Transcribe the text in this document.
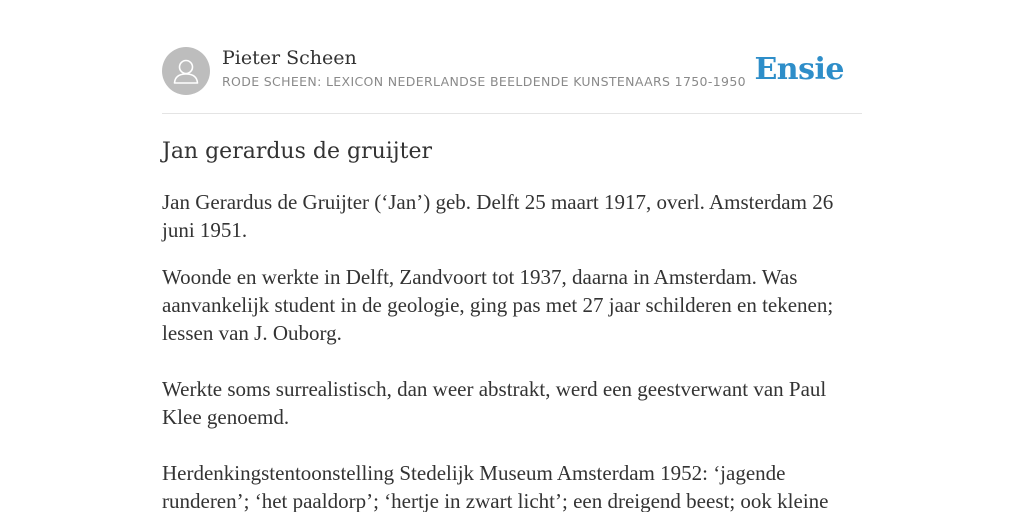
Pieter Scheen
RODE SCHEEN: LEXICON NEDERLANDSE BEELDENDE KUNSTENAARS 1750-1950 Ensie
Jan gerardus de gruijter

Jan Gerardus de Gruijter (‘Jan’) geb. Delft 25 maart 1917, overl. Amsterdam 26 juni 1951.

Woonde en werkte in Delft, Zandvoort tot 1937, daarna in Amsterdam. Was aanvankelijk student in de geologie, ging pas met 27 jaar schilderen en tekenen; lessen van J. Ouborg.

Werkte soms surrealistisch, dan weer abstrakt, werd een geestverwant van Paul Klee genoemd.

Herdenkingstentoonstelling Stedelijk Museum Amsterdam 1952: ‘jagende runderen’; ‘het paaldorp’; ‘hertje in zwart licht’; een dreigend beest; ook kleine
